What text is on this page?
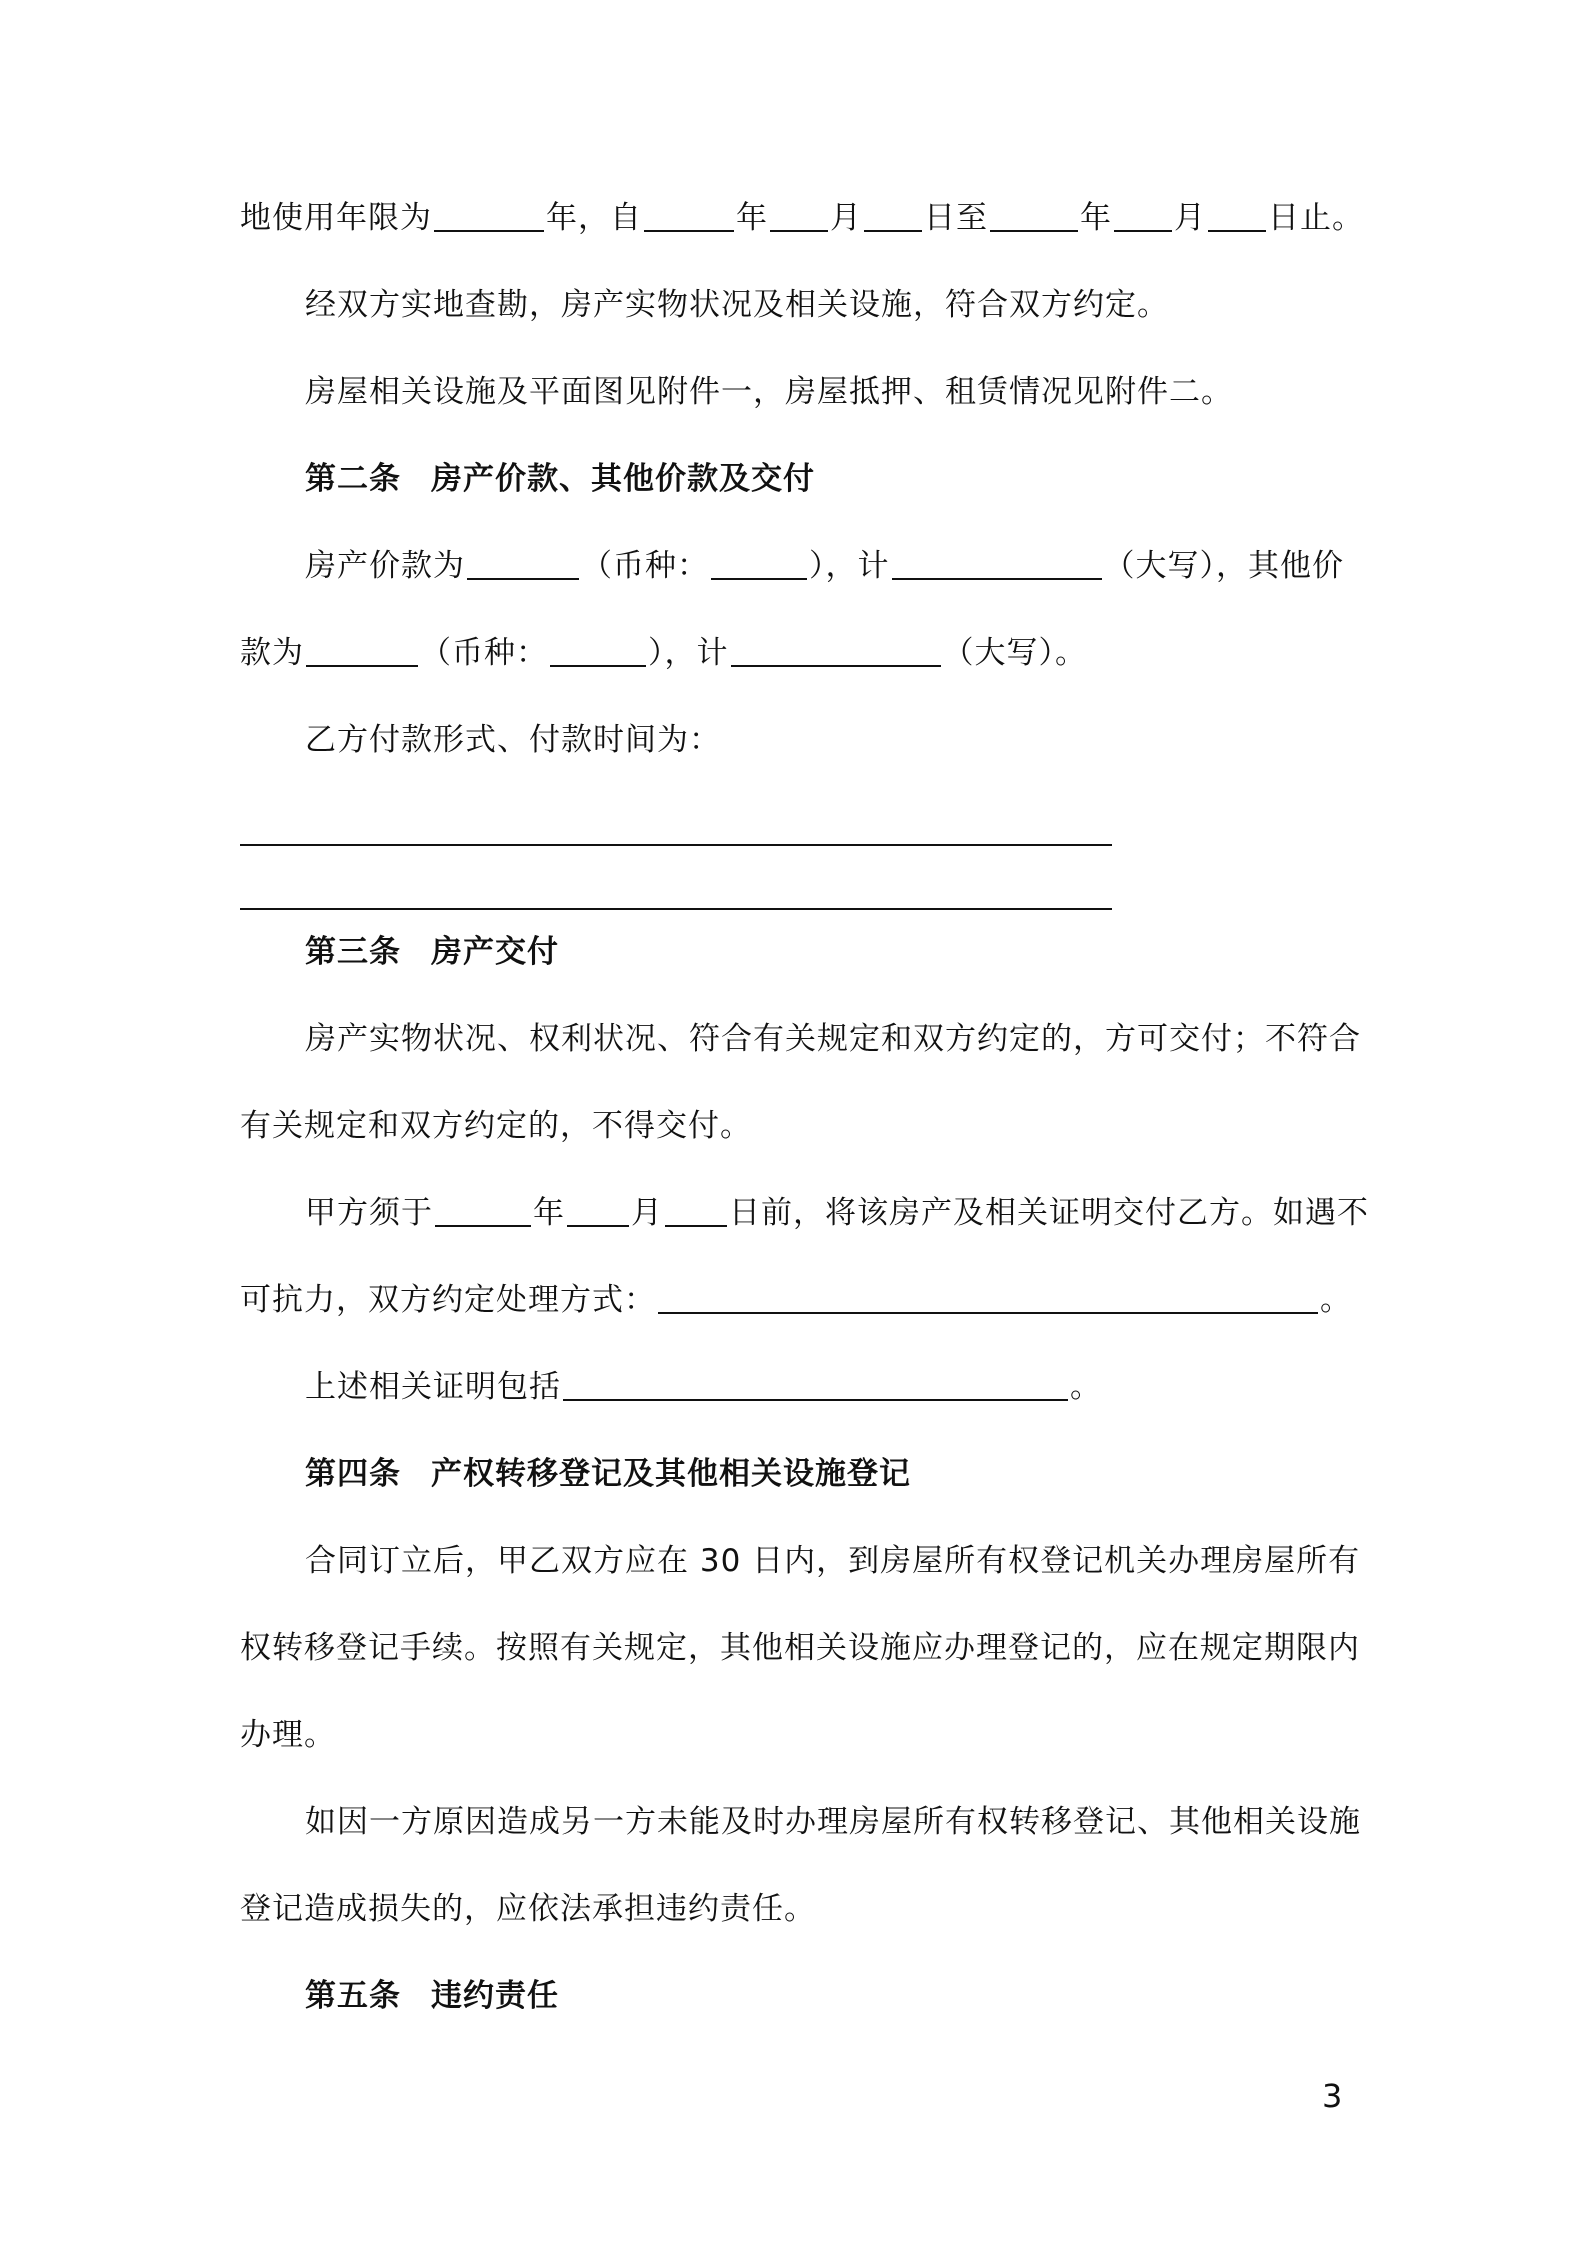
地使用年限为	年，自	年 月 日至	年 月 日止。
经双方实地查勘，房产实物状况及相关设施，符合双方约定。
房屋相关设施及平面图见附件一，房屋抵押、租赁情况见附件二。
第二条 房产价款、其他价款及交付
房产价款为	（币种：	），计	（大写），其他价
款为	（币种：	），计	（大写）。
乙方付款形式、付款时间为：
第三条 房产交付
房产实物状况、权利状况、符合有关规定和双方约定的，方可交付；不符合
有关规定和双方约定的，不得交付。
甲方须于	年 月 日前，将该房产及相关证明交付乙方。如遇不
可抗力，双方约定处理方式：	。
上述相关证明包括	。
第四条 产权转移登记及其他相关设施登记
合同订立后，甲乙双方应在 30 日内，到房屋所有权登记机关办理房屋所有
权转移登记手续。按照有关规定，其他相关设施应办理登记的，应在规定期限内
办理。
如因一方原因造成另一方未能及时办理房屋所有权转移登记、其他相关设施
登记造成损失的，应依法承担违约责任。
第五条 违约责任
3
